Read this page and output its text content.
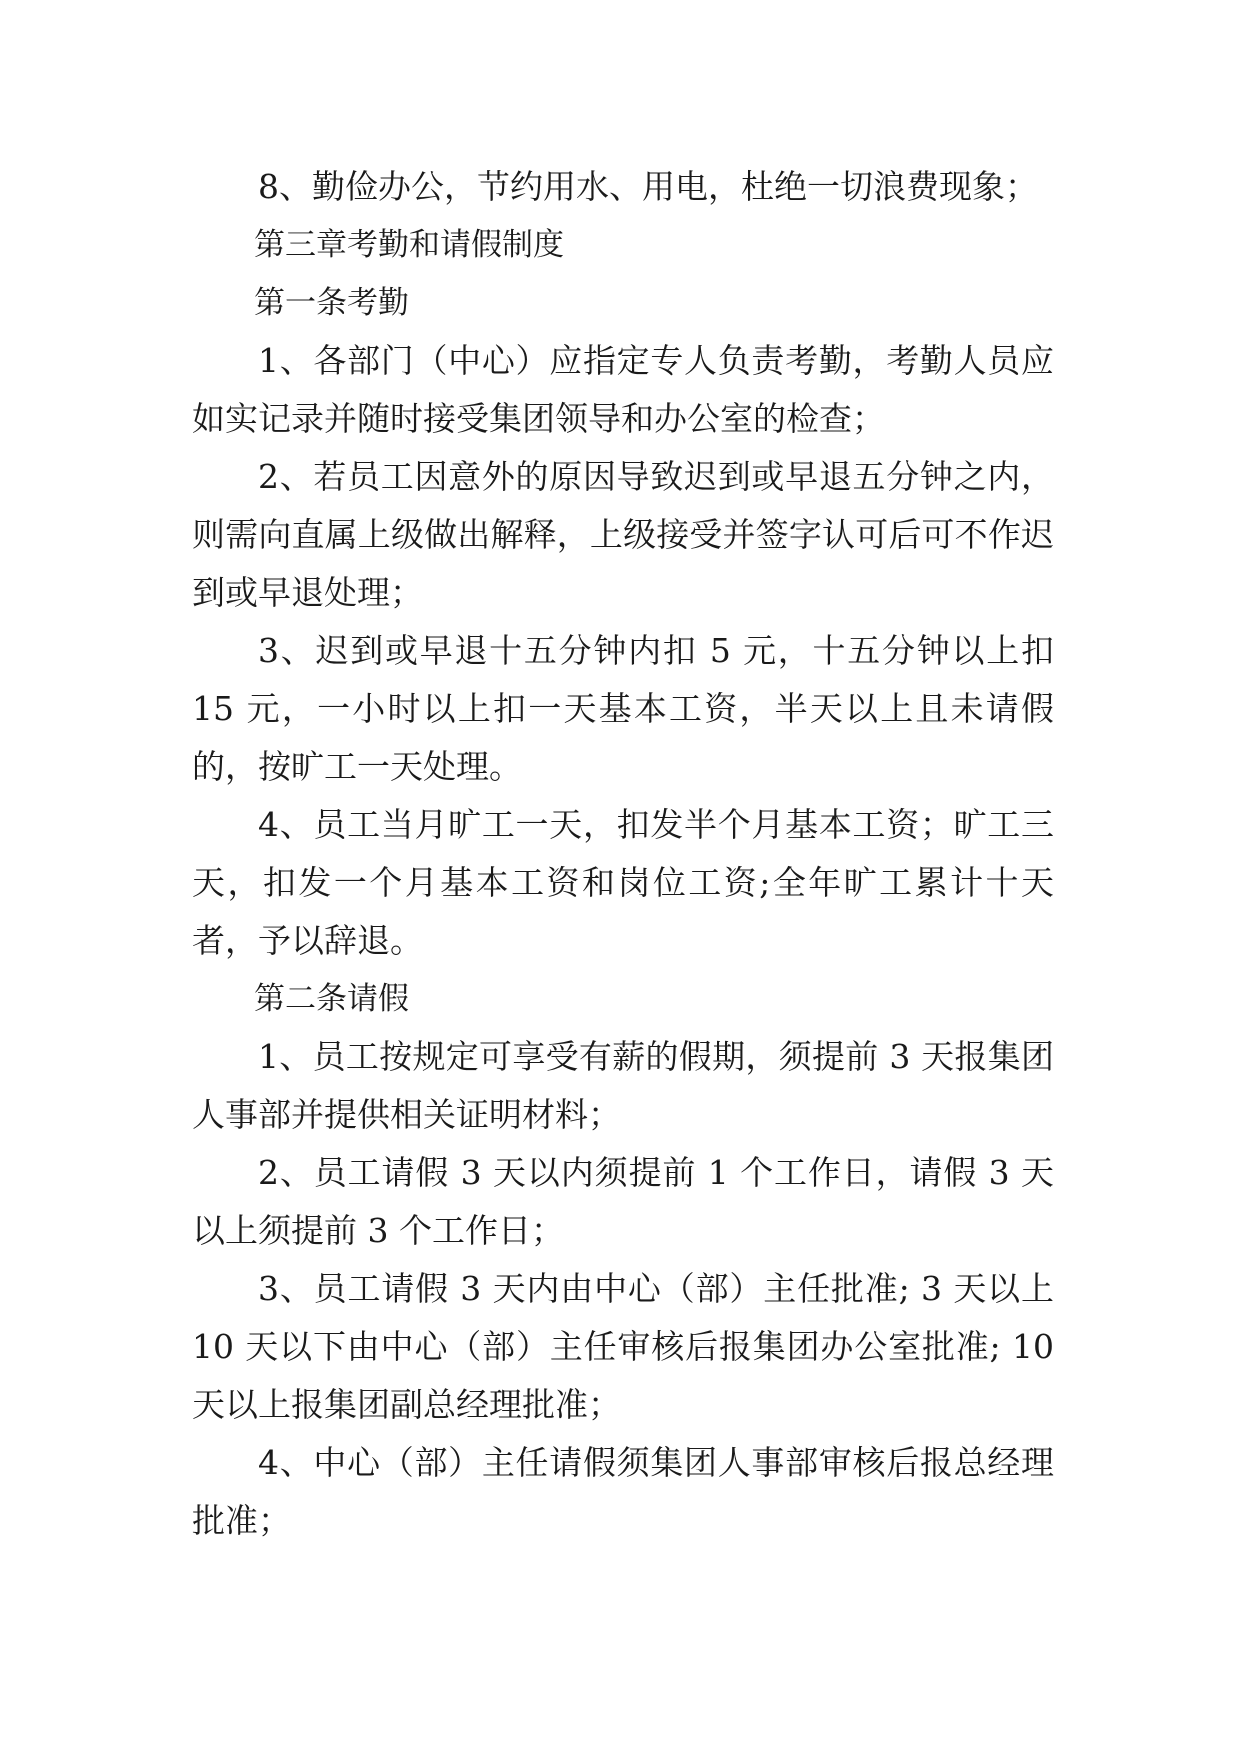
8、勤俭办公，节约用水、用电，杜绝一切浪费现象；

第三章考勤和请假制度

第一条考勤

1、各部门（中心）应指定专人负责考勤，考勤人员应如实记录并随时接受集团领导和办公室的检查；

2、若员工因意外的原因导致迟到或早退五分钟之内，则需向直属上级做出解释，上级接受并签字认可后可不作迟到或早退处理；

3、迟到或早退十五分钟内扣 5 元，十五分钟以上扣 15 元，一小时以上扣一天基本工资，半天以上且未请假的，按旷工一天处理。

4、员工当月旷工一天，扣发半个月基本工资；旷工三天，扣发一个月基本工资和岗位工资;全年旷工累计十天者，予以辞退。

第二条请假

1、员工按规定可享受有薪的假期，须提前 3 天报集团人事部并提供相关证明材料；

2、员工请假 3 天以内须提前 1 个工作日，请假 3 天以上须提前 3 个工作日；

3、员工请假 3 天内由中心（部）主任批准; 3 天以上 10 天以下由中心（部）主任审核后报集团办公室批准; 10 天以上报集团副总经理批准；

4、中心（部）主任请假须集团人事部审核后报总经理批准；
